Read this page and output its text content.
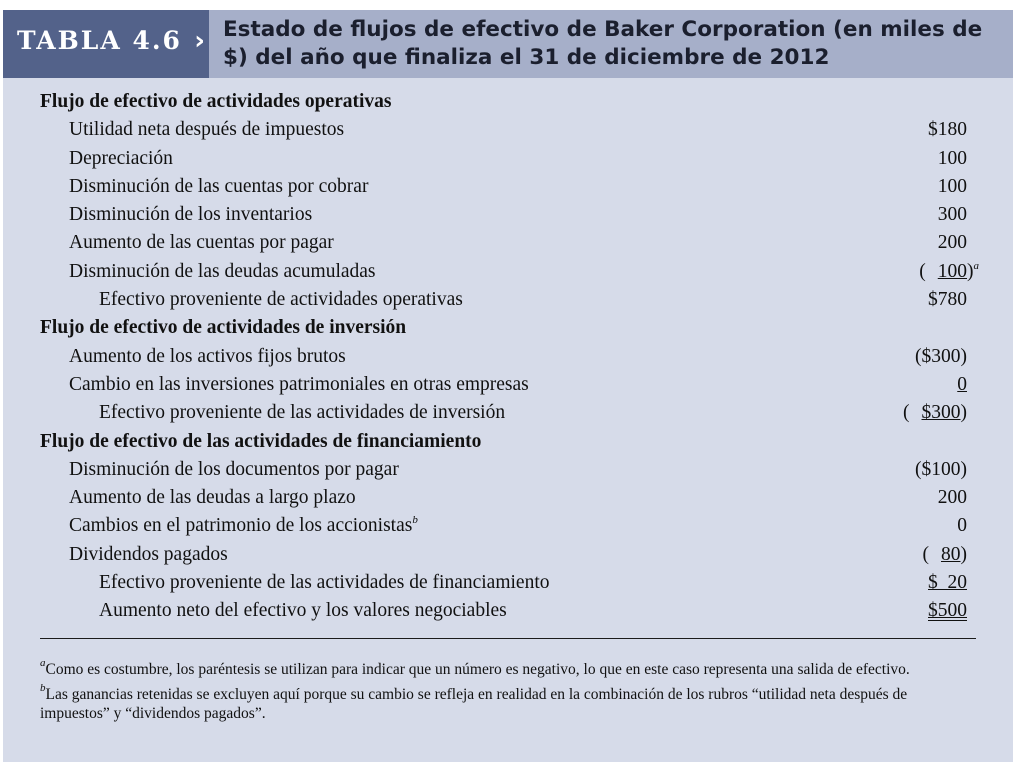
TABLA 4.6 › Estado de flujos de efectivo de Baker Corporation (en miles de $) del año que finaliza el 31 de diciembre de 2012

Flujo de efectivo de actividades operativas
Utilidad neta después de impuestos	$180
Depreciación	100
Disminución de las cuentas por cobrar	100
Disminución de los inventarios	300
Aumento de las cuentas por pagar	200
Disminución de las deudas acumuladas	( 100)$^a$
Efectivo proveniente de actividades operativas	$780
Flujo de efectivo de actividades de inversión
Aumento de los activos fijos brutos	($300)
Cambio en las inversiones patrimoniales en otras empresas	0
Efectivo proveniente de las actividades de inversión	( $300)
Flujo de efectivo de las actividades de financiamiento
Disminución de los documentos por pagar	($100)
Aumento de las deudas a largo plazo	200
Cambios en el patrimonio de los accionistas$^b$	0
Dividendos pagados	( 80)
Efectivo proveniente de las actividades de financiamiento	$  20
Aumento neto del efectivo y los valores negociables	$500

$^a$Como es costumbre, los paréntesis se utilizan para indicar que un número es negativo, lo que en este caso representa una salida de efectivo.

$^b$Las ganancias retenidas se excluyen aquí porque su cambio se refleja en realidad en la combinación de los rubros “utilidad neta después de impuestos” y “dividendos pagados”.
